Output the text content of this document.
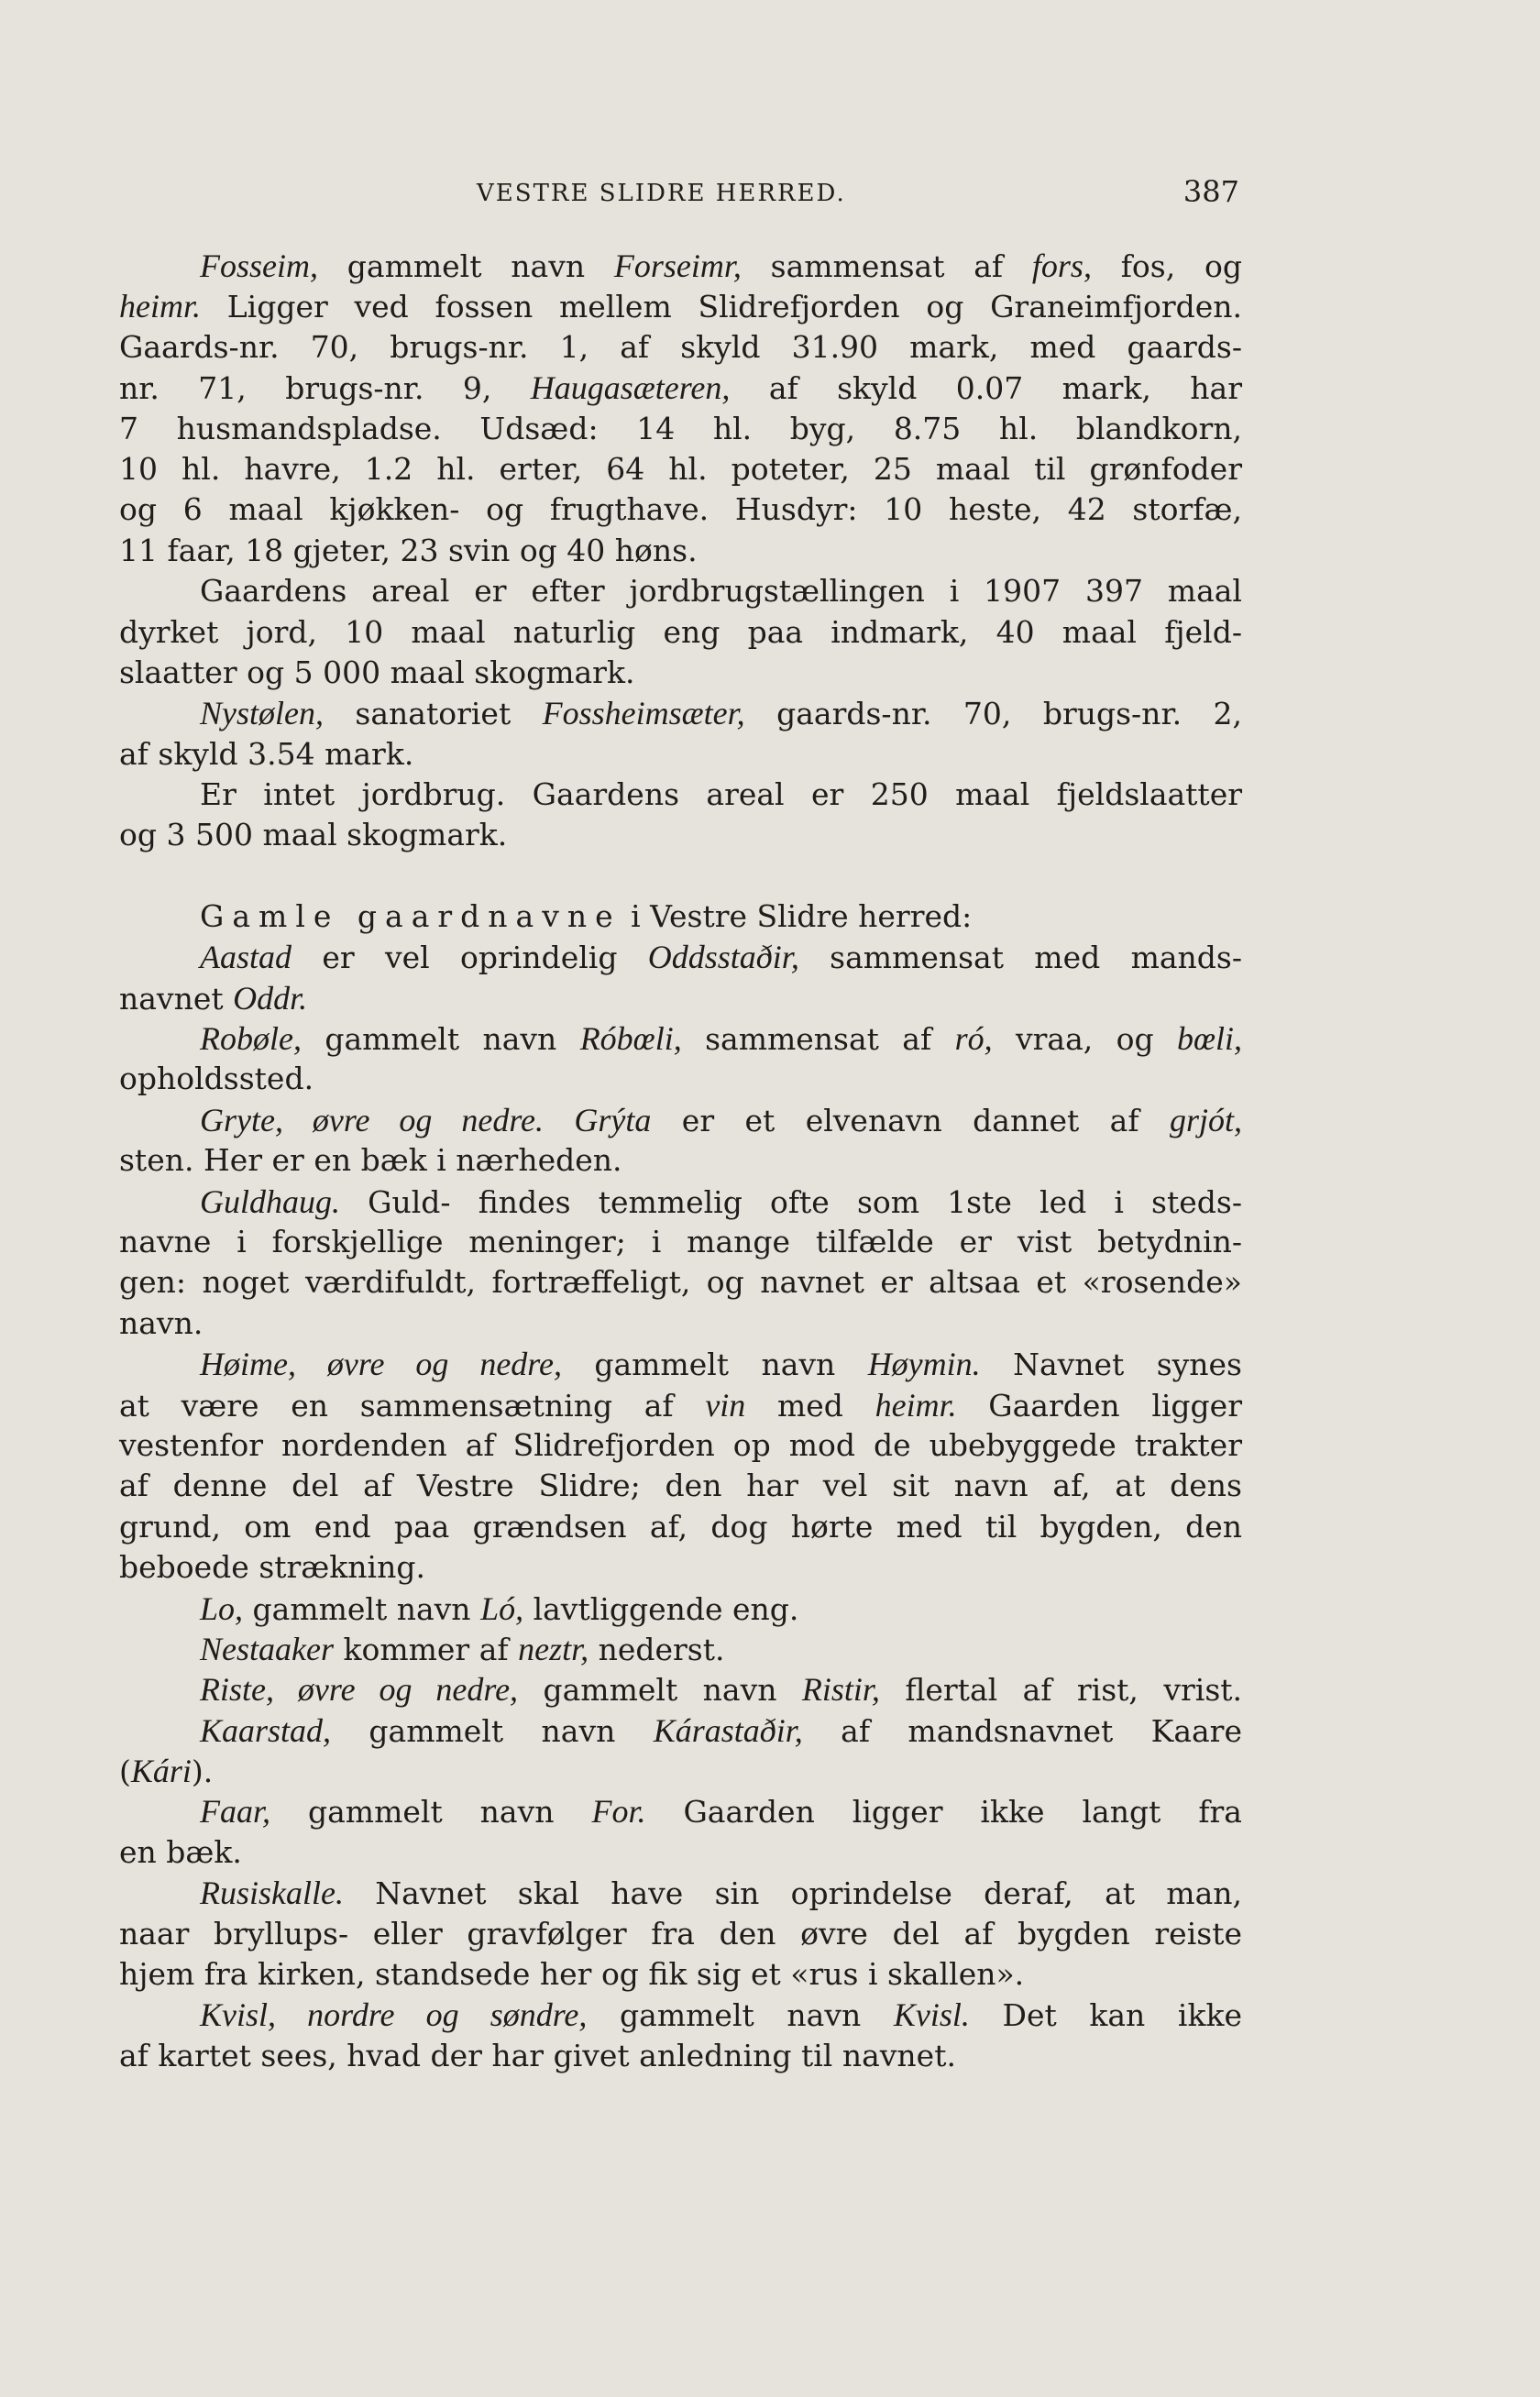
VESTRE SLIDRE HERRED.	387
Fosseim, gammelt navn Forseimr, sammensat af fors, fos, og
heimr. Ligger ved fossen mellem Slidrefjorden og Graneimfjorden.
Gaards-nr. 70, brugs-nr. 1, af skyld 31.90 mark, med gaards-
nr. 71, brugs-nr. 9, Haugasæteren, af skyld 0.07 mark, har
7 husmandspladse. Udsæd: 14 hl. byg, 8.75 hl. blandkorn,
10 hl. havre, 1.2 hl. erter, 64 hl. poteter, 25 maal til grønfoder
og 6 maal kjøkken- og frugthave. Husdyr: 10 heste, 42 storfæ,
11 faar, 18 gjeter, 23 svin og 40 høns.
Gaardens areal er efter jordbrugstællingen i 1907 397 maal
dyrket jord, 10 maal naturlig eng paa indmark, 40 maal fjeld-
slaatter og 5 000 maal skogmark.
Nystølen, sanatoriet Fossheimsæter, gaards-nr. 70, brugs-nr. 2,
af skyld 3.54 mark.
Er intet jordbrug. Gaardens areal er 250 maal fjeldslaatter
og 3 500 maal skogmark.
Gamle gaardnavne i Vestre Slidre herred:
Aastad er vel oprindelig Oddsstaðir, sammensat med mands-
navnet Oddr.
Robøle, gammelt navn Róbœli, sammensat af ró, vraa, og bœli,
opholdssted.
Gryte, øvre og nedre. Grýta er et elvenavn dannet af grjót,
sten. Her er en bæk i nærheden.
Guldhaug. Guld- findes temmelig ofte som 1ste led i steds-
navne i forskjellige meninger; i mange tilfælde er vist betydnin-
gen: noget værdifuldt, fortræffeligt, og navnet er altsaa et «rosende»
navn.
Høime, øvre og nedre, gammelt navn Høymin. Navnet synes
at være en sammensætning af vin med heimr. Gaarden ligger
vestenfor nordenden af Slidrefjorden op mod de ubebyggede trakter
af denne del af Vestre Slidre; den har vel sit navn af, at dens
grund, om end paa grændsen af, dog hørte med til bygden, den
beboede strækning.
Lo, gammelt navn Ló, lavtliggende eng.
Nestaaker kommer af neztr, nederst.
Riste, øvre og nedre, gammelt navn Ristir, flertal af rist, vrist.
Kaarstad, gammelt navn Kárastaðir, af mandsnavnet Kaare
(Kári).
Faar, gammelt navn For. Gaarden ligger ikke langt fra
en bæk.
Rusiskalle. Navnet skal have sin oprindelse deraf, at man,
naar bryllups- eller gravfølger fra den øvre del af bygden reiste
hjem fra kirken, standsede her og fik sig et «rus i skallen».
Kvisl, nordre og søndre, gammelt navn Kvisl. Det kan ikke
af kartet sees, hvad der har givet anledning til navnet.
